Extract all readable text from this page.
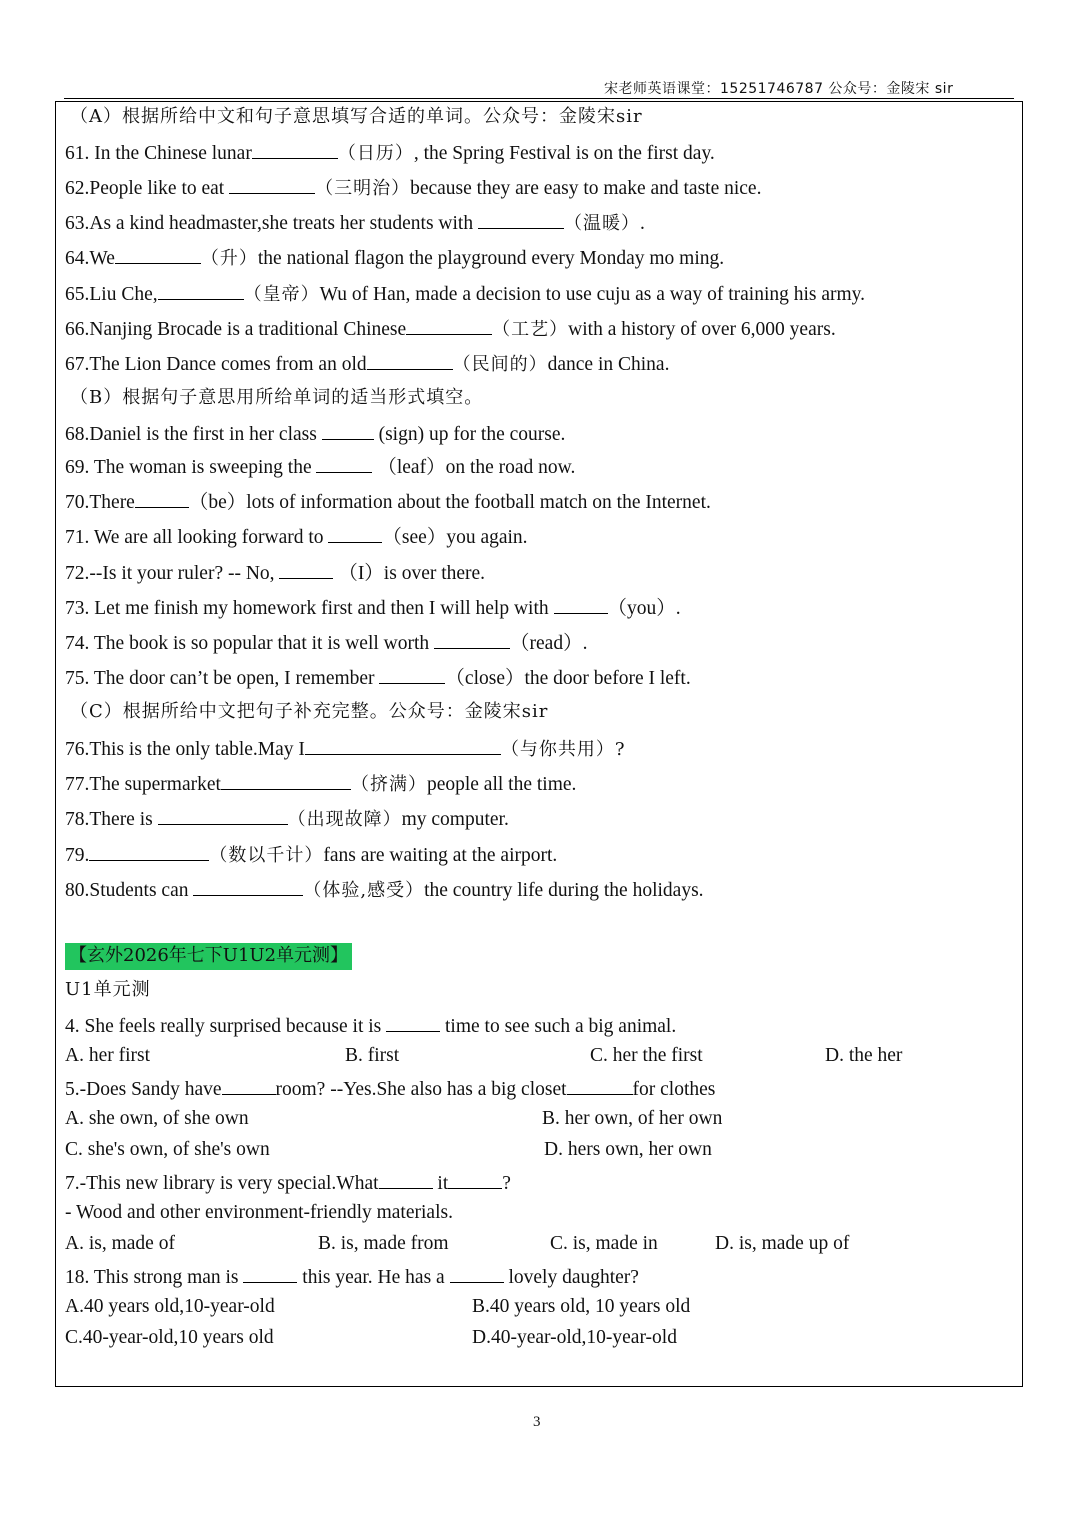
宋老师英语课堂：15251746787 公众号：金陵宋 sir
（A）根据所给中文和句子意思填写合适的单词。公众号：金陵宋sir
61. In the Chinese lunar	（日历）, the Spring Festival is on the first day.
62.People like to eat	（三明治）because they are easy to make and taste nice.
63.As a kind headmaster,she treats her students with	（温暖）.
64.We	（升）the national flagon the playground every Monday mo ming.
65.Liu Che,	（皇帝）Wu of Han, made a decision to use cuju as a way of training his army.
66.Nanjing Brocade is a traditional Chinese	（工艺）with a history of over 6,000 years.
67.The Lion Dance comes from an old	（民间的）dance in China.
（B）根据句子意思用所给单词的适当形式填空。
68.Daniel is the first in her class	(sign) up for the course.
69. The woman is sweeping the	（leaf）on the road now.
70.There	（be）lots of information about the football match on the Internet.
71. We are all looking forward to	（see）you again.
72.--Is it your ruler? -- No,	（I）is over there.
73. Let me finish my homework first and then I will help with	（you）.
74. The book is so popular that it is well worth	（read）.
75. The door can’t be open, I remember	（close）the door before I left.
（C）根据所给中文把句子补充完整。公众号：金陵宋sir
76.This is the only table.May I	（与你共用）?
77.The supermarket	（挤满）people all the time.
78.There is	（出现故障）my computer.
79.	（数以千计）fans are waiting at the airport.
80.Students can	（体验,感受）the country life during the holidays.
【玄外2026年七下U1U2单元测】
U1单元测
4. She feels really surprised because it is	time to see such a big animal.
A. her first	B. first	C. her the first	D. the her
5.-Does Sandy have	room? --Yes.She also has a big closet	for clothes
A. she own, of she own	B. her own, of her own
C. she's own, of she's own	D. hers own, her own
7.-This new library is very special.What	it	?
- Wood and other environment-friendly materials.
A. is, made of	B. is, made from	C. is, made in	D. is, made up of
18. This strong man is	this year. He has a	lovely daughter?
A.40 years old,10-year-old	B.40 years old, 10 years old
C.40-year-old,10 years old	D.40-year-old,10-year-old
3
